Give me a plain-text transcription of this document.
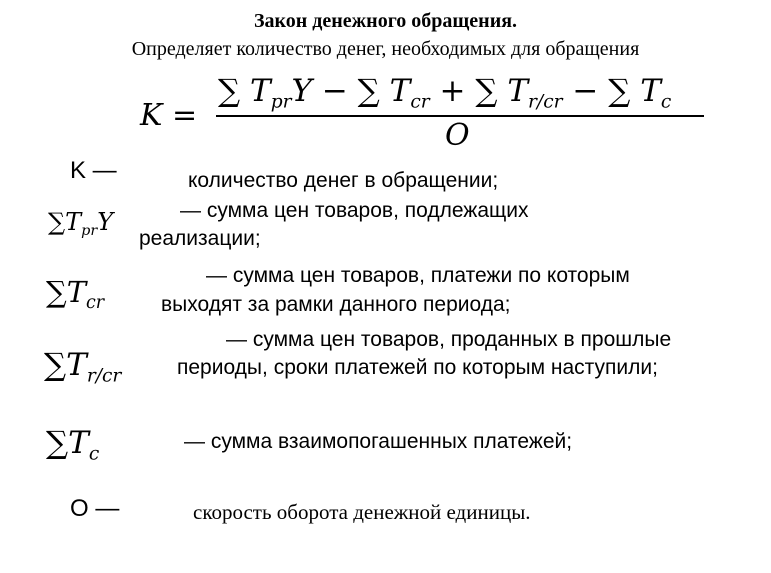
Закон денежного обращения.
Определяет количество денег, необходимых для обращения
K =
∑ $T_{pr}Y$ − ∑ $T_{cr}$ + ∑ $T_{r/cr}$ − ∑ $T_c$
O
K —	количество денег в обращении;
$\sum T_{pr}Y$	— сумма цен товаров, подлежащих
реализации;
$\sum T_{cr}$
— сумма цен товаров, платежи по которым
выходят за рамки данного периода;
$\sum T_{r/cr}$
— сумма цен товаров, проданных в прошлые
периоды, сроки платежей по которым наступили;
$\sum T_c$
— сумма взаимопогашенных платежей;
О —	скорость оборота денежной единицы.
